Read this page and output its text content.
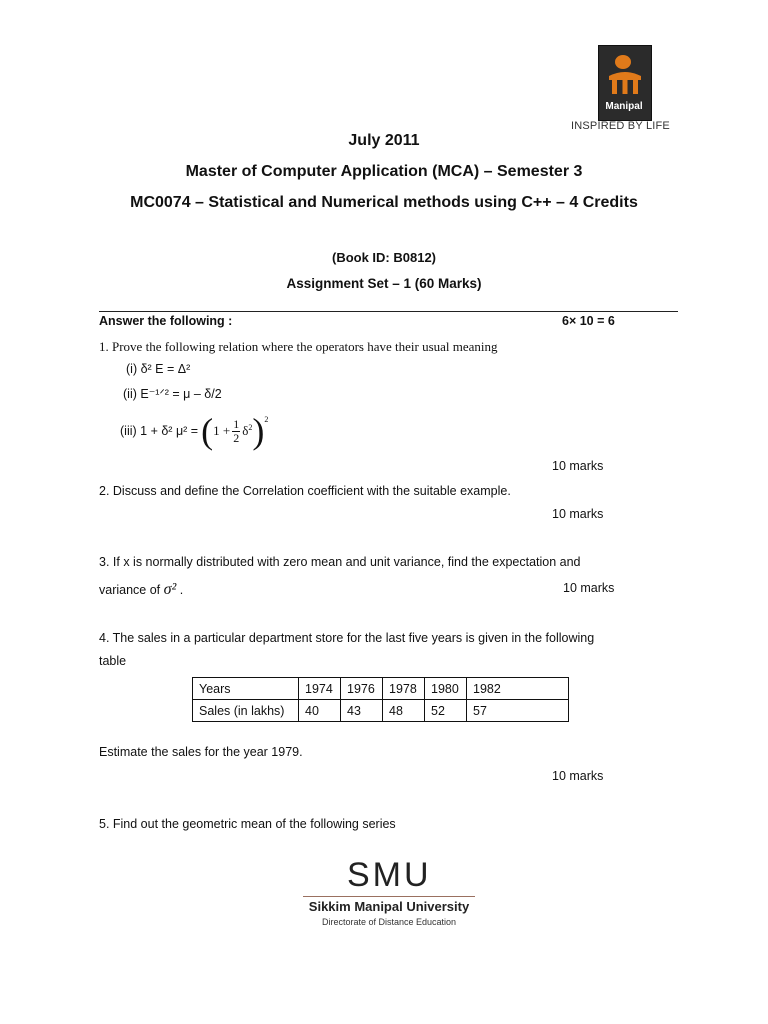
Manipal
INSPIRED BY LIFE
July 2011
Master of Computer Application (MCA) – Semester 3
MC0074 – Statistical and Numerical methods using C++ – 4 Credits
(Book ID: B0812)
Assignment Set – 1 (60 Marks)
Answer the following :	6× 10 = 6
1. Prove the following relation where the operators have their usual meaning
(i) δ² E = Δ²
(ii) E⁻¹ᐟ² = μ – δ/2
(iii)
1 + δ² μ² = ( $1 + \frac{1}{2} \delta^2$ ) 2
10 marks
2. Discuss and define the Correlation coefficient with the suitable example.
10 marks
3. If x is normally distributed with zero mean and unit variance, find the expectation and
variance of σ² .	10 marks
4. The sales in a particular department store for the last five years is given in the following
table
Years	1974	1976	1978	1980	1982
Sales (in lakhs)	40	43	48	52	57
Estimate the sales for the year 1979.
10 marks
5. Find out the geometric mean of the following series
SMU
Sikkim Manipal University
Directorate of Distance Education
